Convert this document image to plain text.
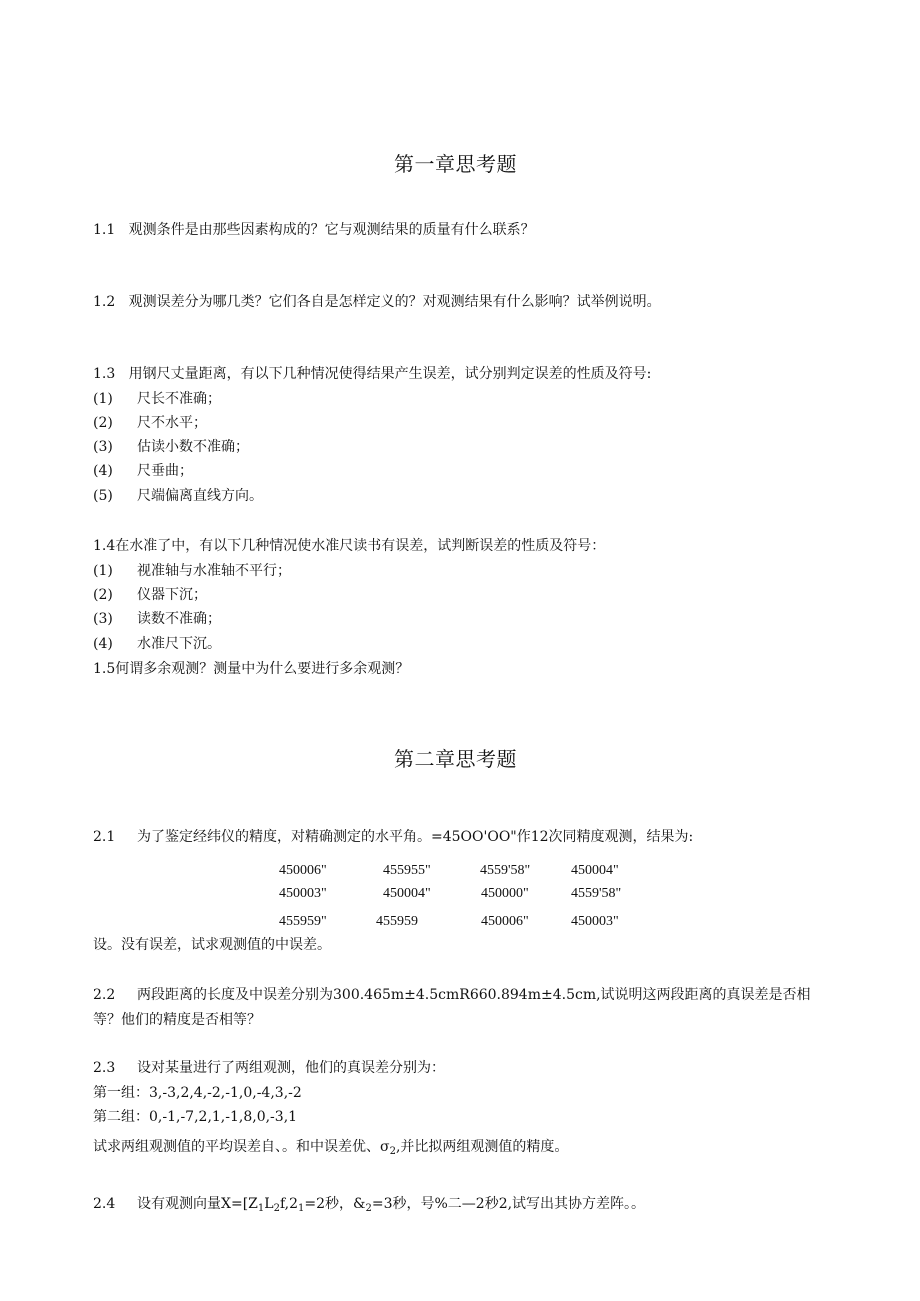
第一章思考题
1.1   观测条件是由那些因素构成的？它与观测结果的质量有什么联系？
1.2   观测误差分为哪几类？它们各自是怎样定义的？对观测结果有什么影响？试举例说明。
1.3   用钢尺丈量距离，有以下几种情况使得结果产生误差，试分别判定误差的性质及符号:
(1) 尺长不准确；
(2) 尺不水平；
(3) 估读小数不准确；
(4) 尺垂曲；
(5) 尺端偏离直线方向。
1.4在水准了中，有以下几种情况使水准尺读书有误差，试判断误差的性质及符号：
(1) 视准轴与水准轴不平行；
(2) 仪器下沉；
(3) 读数不准确；
(4) 水准尺下沉。
1.5何谓多余观测？测量中为什么要进行多余观测？
第二章思考题
2.1 为了鉴定经纬仪的精度，对精确测定的水平角。=45OO'OO"作12次同精度观测，结果为:
450006"	455955"	4559'58"	450004"
450003"	450004"	450000"	4559'58"
455959"	455959	450006"	450003"
设。没有误差，试求观测值的中误差。
2.2 两段距离的长度及中误差分别为300.465m±4.5cmR660.894m±4.5cm,试说明这两段距离的真误差是否相
等？他们的精度是否相等？
2.3 设对某量进行了两组观测，他们的真误差分别为：
第一组：3,-3,2,4,-2,-1,0,-4,3,-2
第二组：0,-1,-7,2,1,-1,8,0,-3,1
试求两组观测值的平均误差自、。和中误差优、$\sigma_2$,并比拟两组观测值的精度。
2.4 设有观测向量$X=[Z_1L_2f,2_1=2$秒，$\&_2=3$秒，号%二—2秒2,试写出其协方差阵。。
